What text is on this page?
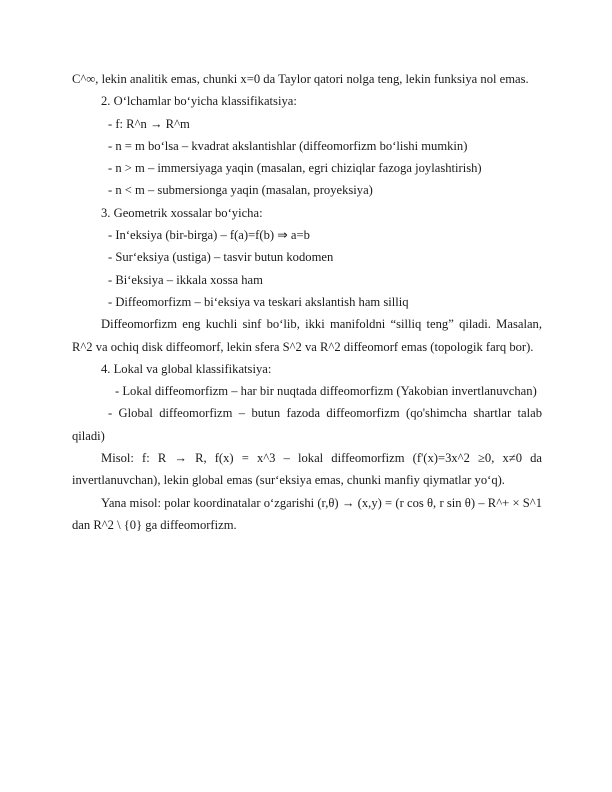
C^∞, lekin analitik emas, chunki x=0 da Taylor qatori nolga teng, lekin funksiya nol emas.

2. O‘lchamlar bo‘yicha klassifikatsiya:

- f: R^n → R^m

- n = m bo‘lsa – kvadrat akslantishlar (diffeomorfizm bo‘lishi mumkin)

- n > m – immersiyaga yaqin (masalan, egri chiziqlar fazoga joylashtirish)

- n < m – submersionga yaqin (masalan, proyeksiya)

3. Geometrik xossalar bo‘yicha:

- In‘eksiya (bir-birga) – f(a)=f(b) ⇒ a=b

- Sur‘eksiya (ustiga) – tasvir butun kodomen

- Bi‘eksiya – ikkala xossa ham

- Diffeomorfizm – bi‘eksiya va teskari akslantish ham silliq

Diffeomorfizm eng kuchli sinf bo‘lib, ikki manifoldni “silliq teng” qiladi. Masalan, R^2 va ochiq disk diffeomorf, lekin sfera S^2 va R^2 diffeomorf emas (topologik farq bor).

4. Lokal va global klassifikatsiya:

- Lokal diffeomorfizm – har bir nuqtada diffeomorfizm (Yakobian invertlanuvchan)

- Global diffeomorfizm – butun fazoda diffeomorfizm (qo'shimcha shartlar talab qiladi)

Misol: f: R → R, f(x) = x^3 – lokal diffeomorfizm (f'(x)=3x^2 ≥0, x≠0 da invertlanuvchan), lekin global emas (sur‘eksiya emas, chunki manfiy qiymatlar yo‘q).

Yana misol: polar koordinatalar o‘zgarishi (r,θ) → (x,y) = (r cos θ, r sin θ) – R^+ × S^1 dan R^2 \ {0} ga diffeomorfizm.
